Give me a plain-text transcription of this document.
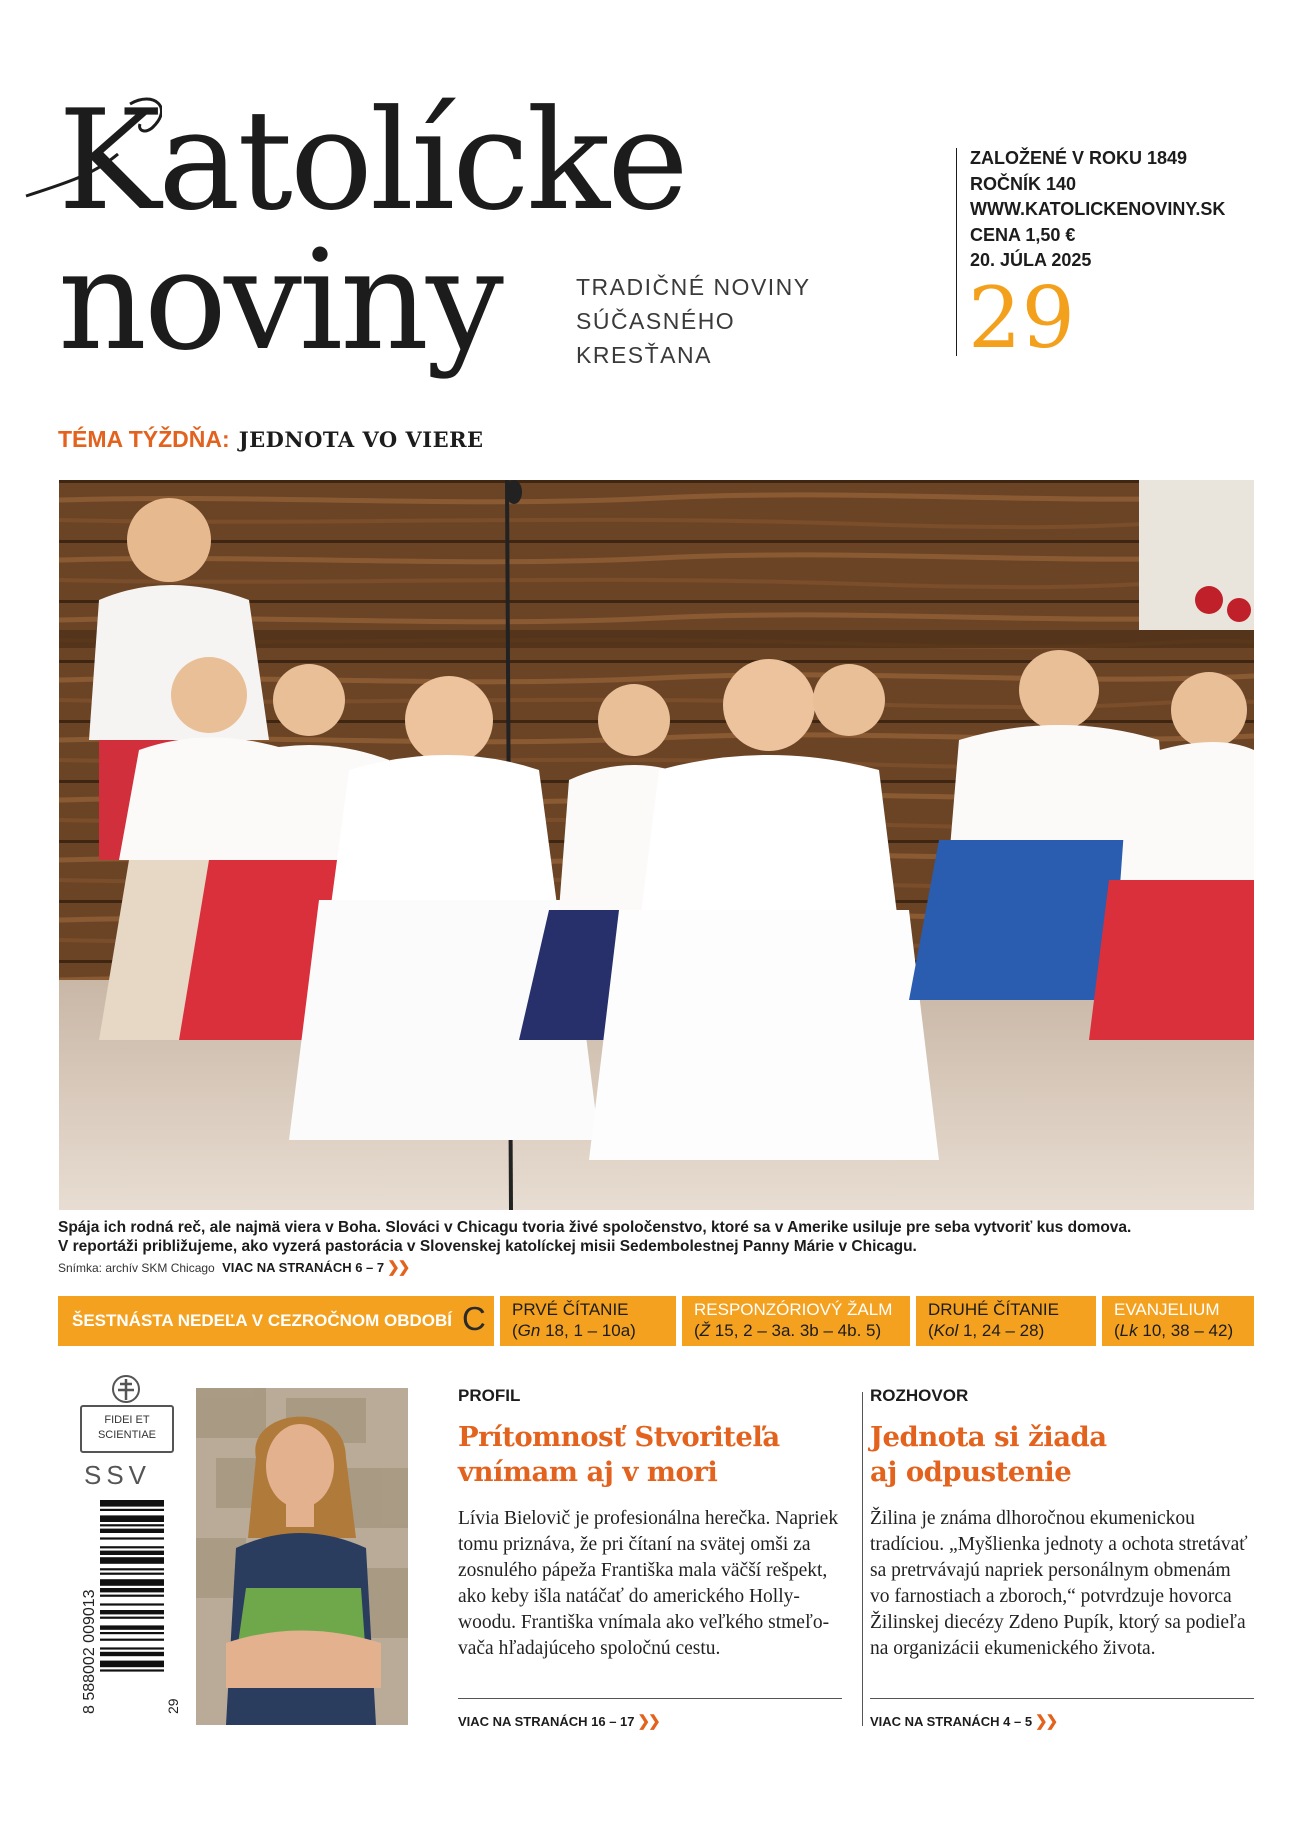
Katolícke
noviny	TRADIČNÉ NOVINY
SÚČASNÉHO
KRESŤANA
ZALOŽENÉ V ROKU 1849
ROČNÍK 140
WWW.KATOLICKENOVINY.SK
CENA 1,50 €
20. JÚLA 2025
29
TÉMA TÝŽDŇA: JEDNOTA VO VIERE
Spája ich rodná reč, ale najmä viera v Boha. Slováci v Chicagu tvoria živé spoločenstvo, ktoré sa v Amerike usiluje pre seba vytvoriť kus domova.
V reportáži približujeme, ako vyzerá pastorácia v Slovenskej katolíckej misii Sedembolestnej Panny Márie v Chicagu.
Snímka: archív SKM Chicago VIAC NA STRANÁCH 6 – 7 ❯❯
ŠESTNÁSTA NEDEĽA V CEZROČNOM OBDOBÍ C PRVÉ ČÍTANIE
(Gn 18, 1 – 10a)
RESPONZÓRIOVÝ ŽALM
(Ž 15, 2 – 3a. 3b – 4b. 5)
DRUHÉ ČÍTANIE
(Kol 1, 24 – 28)
EVANJELIUM
(Lk 10, 38 – 42)
FIDEI ET
SCIENTIAE
SSV
8 588002 009013	29
PROFIL
Prítomnosť Stvoriteľa
vnímam aj v mori
Lívia Bielovič je profesionálna herečka. Napriek
tomu priznáva, že pri čítaní na svätej omši za
zosnulého pápeža Františka mala väčší rešpekt,
ako keby išla natáčať do amerického Holly-
woodu. Františka vnímala ako veľkého stmeľo-
vača hľadajúceho spoločnú cestu.
ROZHOVOR
Jednota si žiada
aj odpustenie
Žilina je známa dlhoročnou ekumenickou
tradíciou. „Myšlienka jednoty a ochota stretávať
sa pretrvávajú napriek personálnym obmenám
vo farnostiach a zboroch,“ potvrdzuje hovorca
Žilinskej diecézy Zdeno Pupík, ktorý sa podieľa
na organizácii ekumenického života.
VIAC NA STRANÁCH 16 – 17 ❯❯	VIAC NA STRANÁCH 4 – 5 ❯❯
